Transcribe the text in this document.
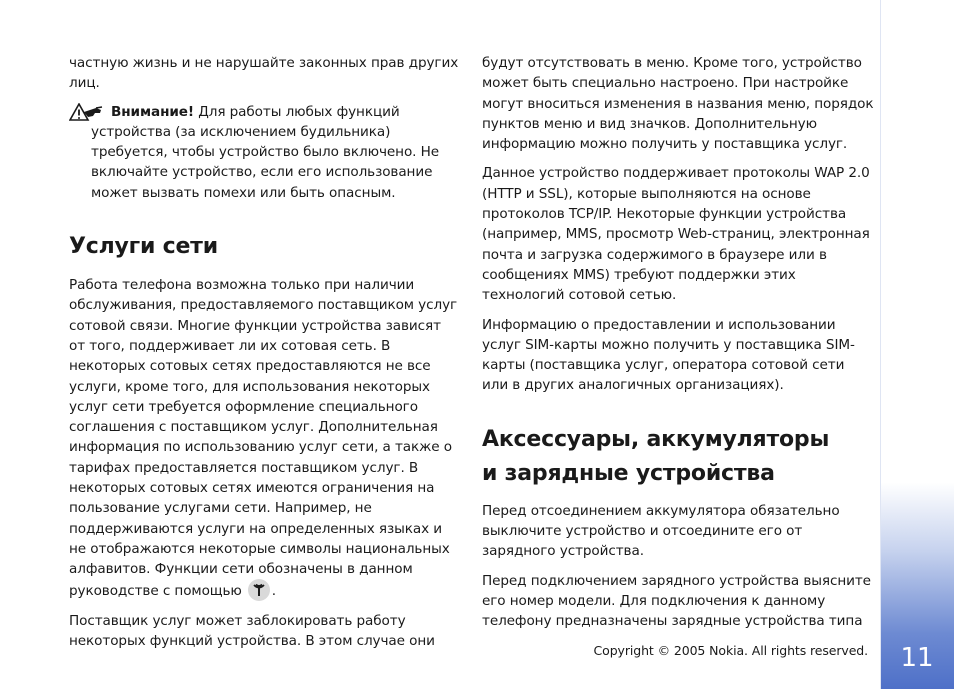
частную жизнь и не нарушайте законных прав других лиц.

Внимание! Для работы любых функций устройства (за исключением будильника) требуется, чтобы устройство было включено. Не включайте устройство, если его использование может вызвать помехи или быть опасным.

Услуги сети

Работа телефона возможна только при наличии обслуживания, предоставляемого поставщиком услуг сотовой связи. Многие функции устройства зависят от того, поддерживает ли их сотовая сеть. В некоторых сотовых сетях предоставляются не все услуги, кроме того, для использования некоторых услуг сети требуется оформление специального соглашения с поставщиком услуг. Дополнительная информация по использованию услуг сети, а также о тарифах предоставляется поставщиком услуг. В некоторых сотовых сетях имеются ограничения на пользование услугами сети. Например, не поддерживаются услуги на определенных языках и не отображаются некоторые символы национальных алфавитов. Функции сети обозначены в данном руководстве с помощью .

Поставщик услуг может заблокировать работу некоторых функций устройства. В этом случае они

будут отсутствовать в меню. Кроме того, устройство может быть специально настроено. При настройке могут вноситься изменения в названия меню, порядок пунктов меню и вид значков. Дополнительную информацию можно получить у поставщика услуг.

Данное устройство поддерживает протоколы WAP 2.0 (HTTP и SSL), которые выполняются на основе протоколов TCP/IP. Некоторые функции устройства (например, MMS, просмотр Web-страниц, электронная почта и загрузка содержимого в браузере или в сообщениях MMS) требуют поддержки этих технологий сотовой сетью.

Информацию о предоставлении и использовании услуг SIM-карты можно получить у поставщика SIM-карты (поставщика услуг, оператора сотовой сети или в других аналогичных организациях).

Аксессуары, аккумуляторы
и зарядные устройства

Перед отсоединением аккумулятора обязательно выключите устройство и отсоедините его от зарядного устройства.

Перед подключением зарядного устройства выясните его номер модели. Для подключения к данному телефону предназначены зарядные устройства типа

Copyright © 2005 Nokia. All rights reserved.	11
